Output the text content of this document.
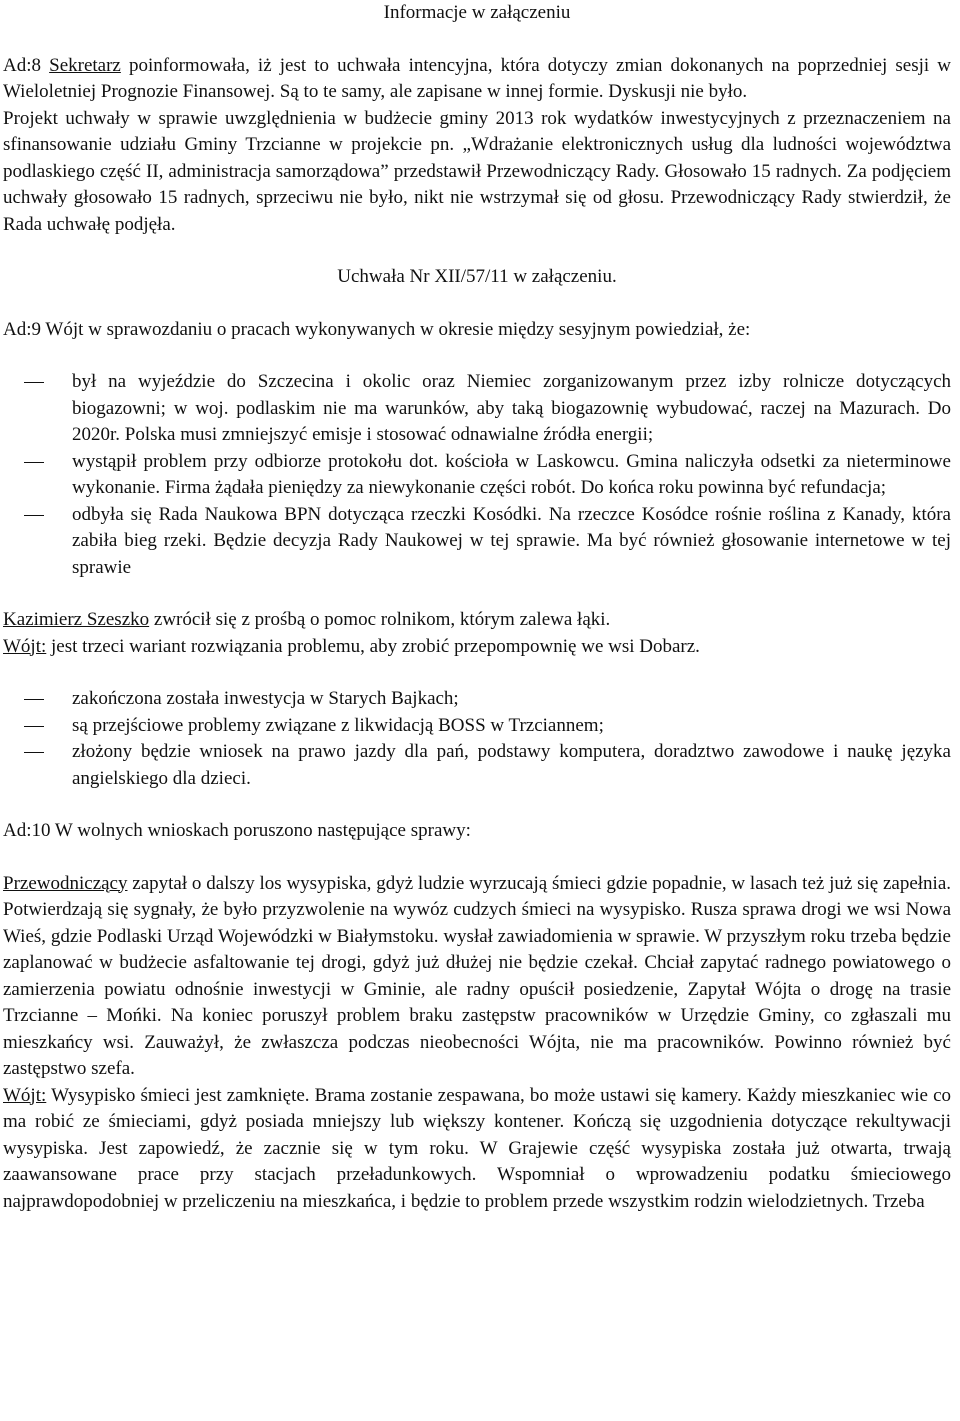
Informacje w załączeniu

Ad:8 Sekretarz poinformowała, iż jest to uchwała intencyjna, która dotyczy zmian dokonanych na poprzedniej sesji w Wieloletniej Prognozie Finansowej. Są to te samy, ale zapisane w innej formie. Dyskusji nie było.

Projekt uchwały w sprawie uwzględnienia w budżecie gminy 2013 rok wydatków inwestycyjnych z przeznaczeniem na sfinansowanie udziału Gminy Trzcianne w projekcie pn. „Wdrażanie elektronicznych usług dla ludności województwa podlaskiego część II, administracja samorządowa” przedstawił Przewodniczący Rady. Głosowało 15 radnych. Za podjęciem uchwały głosowało 15 radnych, sprzeciwu nie było, nikt nie wstrzymał się od głosu. Przewodniczący Rady stwierdził, że Rada uchwałę podjęła.

Uchwała Nr XII/57/11 w załączeniu.

Ad:9 Wójt w sprawozdaniu o pracach wykonywanych w okresie między sesyjnym powiedział, że:

był na wyjeździe do Szczecina i okolic oraz Niemiec zorganizowanym przez izby rolnicze dotyczących biogazowni; w woj. podlaskim nie ma warunków, aby taką biogazownię wybudować, raczej na Mazurach. Do 2020r. Polska musi zmniejszyć emisje i stosować odnawialne źródła energii;
wystąpił problem przy odbiorze protokołu dot. kościoła w Laskowcu. Gmina naliczyła odsetki za nieterminowe wykonanie. Firma żądała pieniędzy za niewykonanie części robót. Do końca roku powinna być refundacja;
odbyła się Rada Naukowa BPN dotycząca rzeczki Kosódki. Na rzeczce Kosódce rośnie roślina z Kanady, która zabiła bieg rzeki. Będzie decyzja Rady Naukowej w tej sprawie. Ma być również głosowanie internetowe w tej sprawie

Kazimierz Szeszko zwrócił się z prośbą o pomoc rolnikom, którym zalewa łąki.

Wójt: jest trzeci wariant rozwiązania problemu, aby zrobić przepompownię we wsi Dobarz.

zakończona została inwestycja w Starych Bajkach;
są przejściowe problemy związane z likwidacją BOSS w Trzciannem;
złożony będzie wniosek na prawo jazdy dla pań, podstawy komputera, doradztwo zawodowe i naukę języka angielskiego dla dzieci.

Ad:10 W wolnych wnioskach poruszono następujące sprawy:

Przewodniczący zapytał o dalszy los wysypiska, gdyż ludzie wyrzucają śmieci gdzie popadnie, w lasach też już się zapełnia. Potwierdzają się sygnały, że było przyzwolenie na wywóz cudzych śmieci na wysypisko. Rusza sprawa drogi we wsi Nowa Wieś, gdzie Podlaski Urząd Wojewódzki w Białymstoku. wysłał zawiadomienia w sprawie. W przyszłym roku trzeba będzie zaplanować w budżecie asfaltowanie tej drogi, gdyż już dłużej nie będzie czekał. Chciał zapytać radnego powiatowego o zamierzenia powiatu odnośnie inwestycji w Gminie, ale radny opuścił posiedzenie, Zapytał Wójta o drogę na trasie Trzcianne – Mońki. Na koniec poruszył problem braku zastępstw pracowników w Urzędzie Gminy, co zgłaszali mu mieszkańcy wsi. Zauważył, że zwłaszcza podczas nieobecności Wójta, nie ma pracowników. Powinno również być zastępstwo szefa.

Wójt: Wysypisko śmieci jest zamknięte. Brama zostanie zespawana, bo może ustawi się kamery. Każdy mieszkaniec wie co ma robić ze śmieciami, gdyż posiada mniejszy lub większy kontener. Kończą się uzgodnienia dotyczące rekultywacji wysypiska. Jest zapowiedź, że zacznie się w tym roku. W Grajewie część wysypiska została już otwarta, trwają zaawansowane prace przy stacjach przeładunkowych. Wspomniał o wprowadzeniu podatku śmieciowego najprawdopodobniej w przeliczeniu na mieszkańca, i będzie to problem przede wszystkim rodzin wielodzietnych. Trzeba
